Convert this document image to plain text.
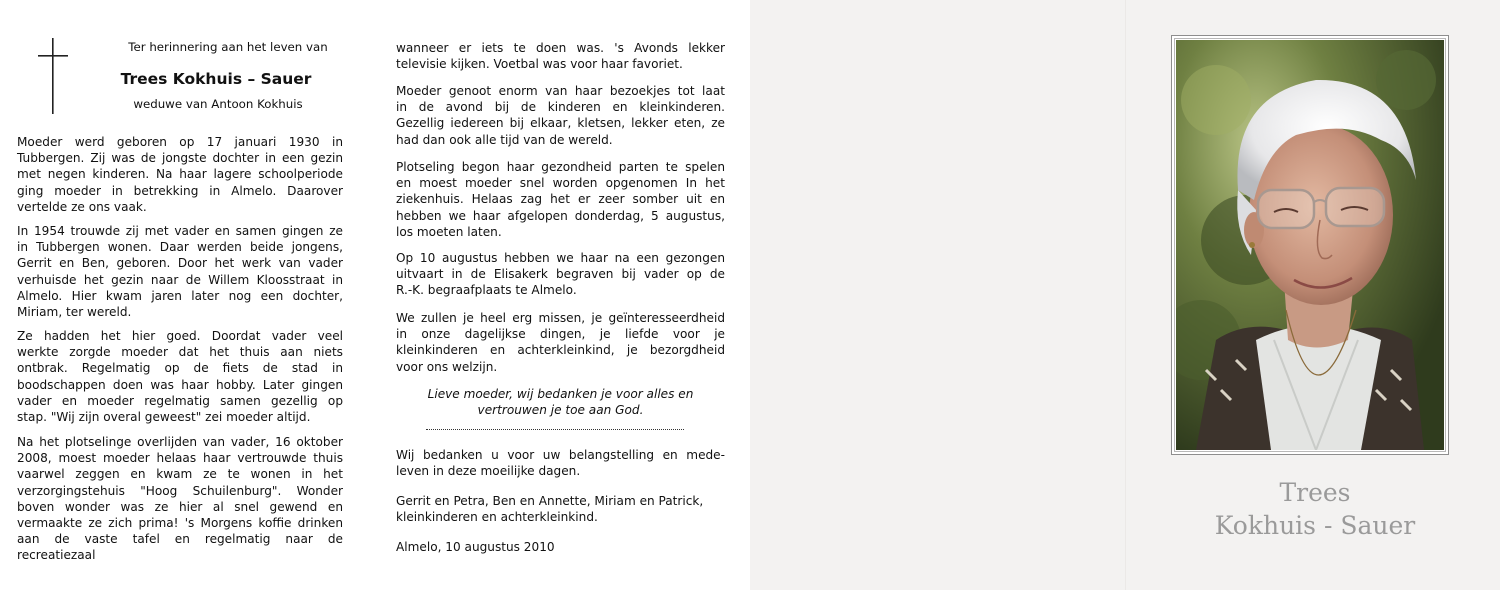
Ter herinnering aan het leven van
Trees Kokhuis – Sauer
weduwe van Antoon Kokhuis

Moeder werd geboren op 17 januari 1930 in
Tubbergen. Zij was de jongste dochter in een gezin
met negen kinderen. Na haar lagere schoolperiode
ging moeder in betrekking in Almelo. Daarover
vertelde ze ons vaak.

In 1954 trouwde zij met vader en samen gingen ze
in Tubbergen wonen. Daar werden beide jongens,
Gerrit en Ben, geboren. Door het werk van vader
verhuisde het gezin naar de Willem Kloosstraat in
Almelo. Hier kwam jaren later nog een dochter,
Miriam, ter wereld.

Ze hadden het hier goed. Doordat vader veel
werkte zorgde moeder dat het thuis aan niets
ontbrak. Regelmatig op de fiets de stad in
boodschappen doen was haar hobby. Later gingen
vader en moeder regelmatig samen gezellig op
stap. "Wij zijn overal geweest" zei moeder altijd.

Na het plotselinge overlijden van vader, 16 oktober
2008, moest moeder helaas haar vertrouwde thuis
vaarwel zeggen en kwam ze te wonen in het
verzorgingstehuis "Hoog Schuilenburg". Wonder
boven wonder was ze hier al snel gewend en
vermaakte ze zich prima! 's Morgens koffie drinken
aan de vaste tafel en regelmatig naar de
recreatiezaal

wanneer er iets te doen was. 's Avonds lekker
televisie kijken. Voetbal was voor haar favoriet.

Moeder genoot enorm van haar bezoekjes tot laat
in de avond bij de kinderen en kleinkinderen.
Gezellig iedereen bij elkaar, kletsen, lekker eten, ze
had dan ook alle tijd van de wereld.

Plotseling begon haar gezondheid parten te spelen
en moest moeder snel worden opgenomen In het
ziekenhuis. Helaas zag het er zeer somber uit en
hebben we haar afgelopen donderdag, 5 augustus,
los moeten laten.

Op 10 augustus hebben we haar na een gezongen
uitvaart in de Elisakerk begraven bij vader op de
R.-K. begraafplaats te Almelo.

We zullen je heel erg missen, je geïnteresseerdheid
in onze dagelijkse dingen, je liefde voor je
kleinkinderen en achterkleinkind, je bezorgdheid
voor ons welzijn.

Lieve moeder, wij bedanken je voor alles en
vertrouwen je toe aan God.

Wij bedanken u voor uw belangstelling en mede-
leven in deze moeilijke dagen.

Gerrit en Petra, Ben en Annette, Miriam en Patrick,
kleinkinderen en achterkleinkind.

Almelo, 10 augustus 2010

Trees
Kokhuis - Sauer
